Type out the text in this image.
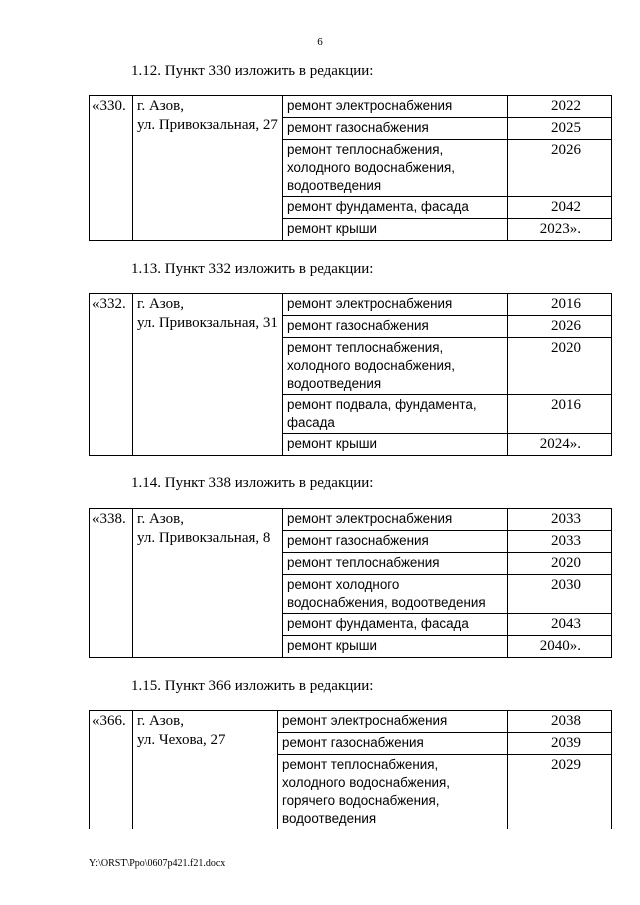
6
1.12. Пункт 330 изложить в редакции:
«330.	г. Азов,
ул. Привокзальная, 27	ремонт электроснабжения	2022
		ремонт газоснабжения	2025
		ремонт теплоснабжения,
холодного водоснабжения,
водоотведения	2026
		ремонт фундамента, фасада	2042
		ремонт крыши	2023».
1.13. Пункт 332 изложить в редакции:
«332.	г. Азов,
ул. Привокзальная, 31	ремонт электроснабжения	2016
		ремонт газоснабжения	2026
		ремонт теплоснабжения,
холодного водоснабжения,
водоотведения	2020
		ремонт подвала, фундамента,
фасада	2016
		ремонт крыши	2024».
1.14. Пункт 338 изложить в редакции:
«338.	г. Азов,
ул. Привокзальная, 8	ремонт электроснабжения	2033
		ремонт газоснабжения	2033
		ремонт теплоснабжения	2020
		ремонт холодного
водоснабжения, водоотведения	2030
		ремонт фундамента, фасада	2043
		ремонт крыши	2040».
1.15. Пункт 366 изложить в редакции:
«366.	г. Азов,
ул. Чехова, 27	ремонт электроснабжения	2038
		ремонт газоснабжения	2039
		ремонт теплоснабжения,
холодного водоснабжения,
горячего водоснабжения,
водоотведения	2029
Y:\ORST\Ppo\0607p421.f21.docx
